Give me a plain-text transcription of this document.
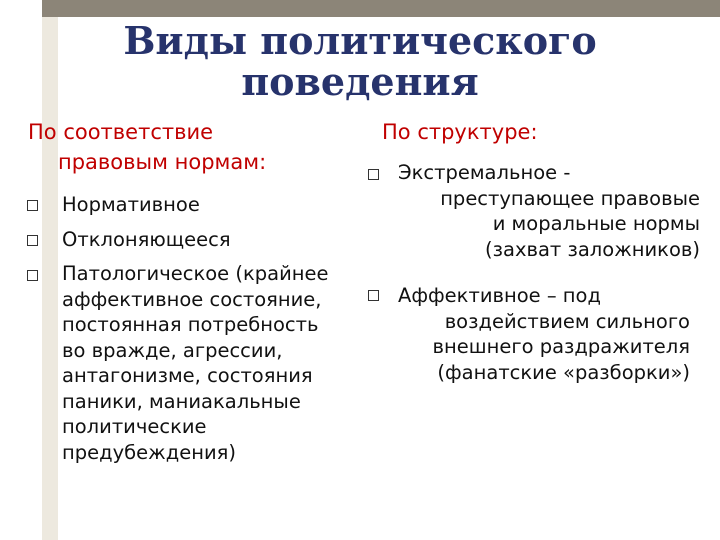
Виды политического
поведения
По соответствие
правовым нормам:
Нормативное
Отклоняющееся
Патологическое (крайнее
аффективное состояние,
постоянная потребность
во вражде, агрессии,
антагонизме, состояния
паники, маниакальные
политические
предубеждения)
По структуре:
Экстремальное -
преступающее правовые
и моральные нормы
(захват заложников)
Аффективное – под
воздействием сильного
внешнего раздражителя
(фанатские «разборки»)
